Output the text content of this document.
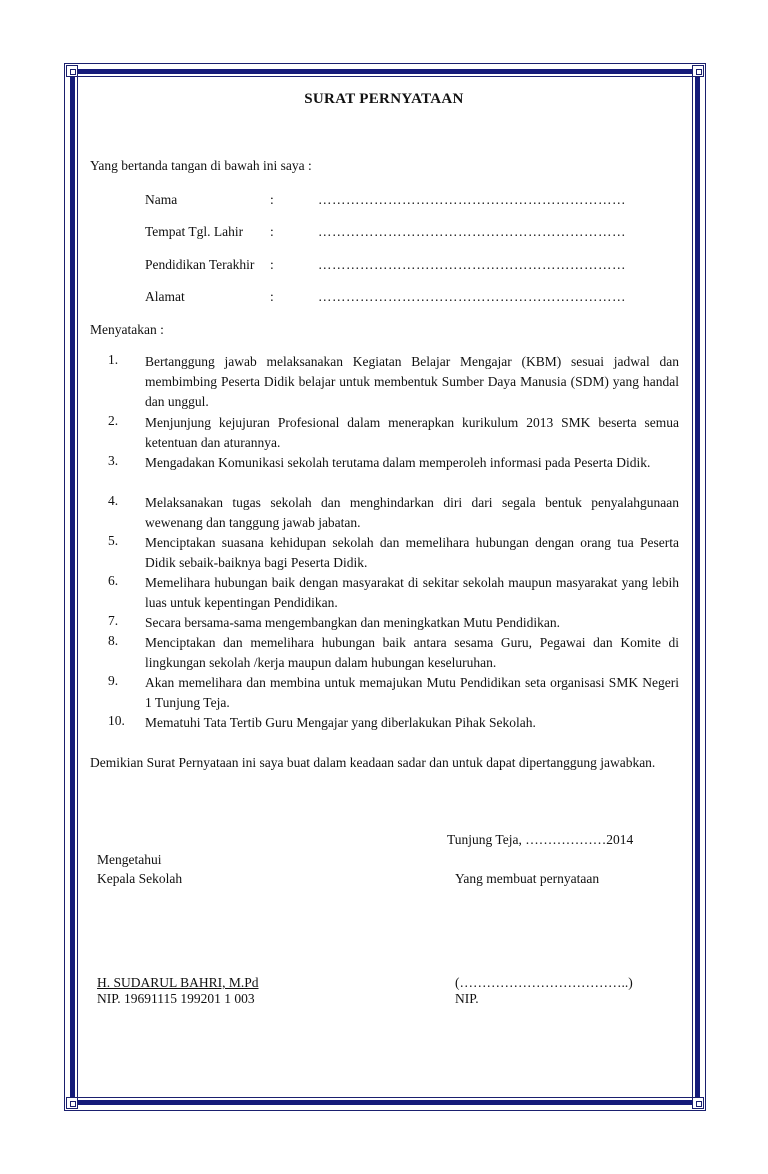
SURAT PERNYATAAN
Yang bertanda tangan di bawah ini saya :
Nama	:	…………………………………………………………
Tempat Tgl. Lahir :	…………………………………………………………
Pendidikan Terakhir :	…………………………………………………………
Alamat	:	…………………………………………………………
Menyatakan :
1.	Bertanggung jawab melaksanakan Kegiatan Belajar Mengajar (KBM) sesuai jadwal dan membimbing Peserta Didik belajar untuk membentuk Sumber Daya Manusia (SDM) yang handal dan unggul.
2.	Menjunjung kejujuran Profesional dalam menerapkan kurikulum 2013 SMK beserta semua ketentuan dan aturannya.
3.	Mengadakan Komunikasi sekolah terutama dalam memperoleh informasi pada Peserta Didik.
4.	Melaksanakan tugas sekolah dan menghindarkan diri dari segala bentuk penyalahgunaan wewenang dan tanggung jawab jabatan.
5.	Menciptakan suasana kehidupan sekolah dan memelihara hubungan dengan orang tua Peserta Didik sebaik-baiknya bagi Peserta Didik.
6.	Memelihara hubungan baik dengan masyarakat di sekitar sekolah maupun masyarakat yang lebih luas untuk kepentingan Pendidikan.
7.	Secara bersama-sama mengembangkan dan meningkatkan Mutu Pendidikan.
8.	Menciptakan dan memelihara hubungan baik antara sesama Guru, Pegawai dan Komite di lingkungan sekolah /kerja maupun dalam hubungan keseluruhan.
9.	Akan memelihara dan membina untuk memajukan Mutu Pendidikan seta organisasi SMK Negeri 1 Tunjung Teja.
10. Mematuhi Tata Tertib Guru Mengajar yang diberlakukan Pihak Sekolah.
Demikian Surat Pernyataan ini saya buat dalam keadaan sadar dan untuk dapat dipertanggung jawabkan.
Tunjung Teja, ………………2014
Mengetahui
Kepala Sekolah	Yang membuat pernyataan
H. SUDARUL BAHRI, M.Pd
NIP. 19691115 199201 1 003
(………………………………..)
NIP.
